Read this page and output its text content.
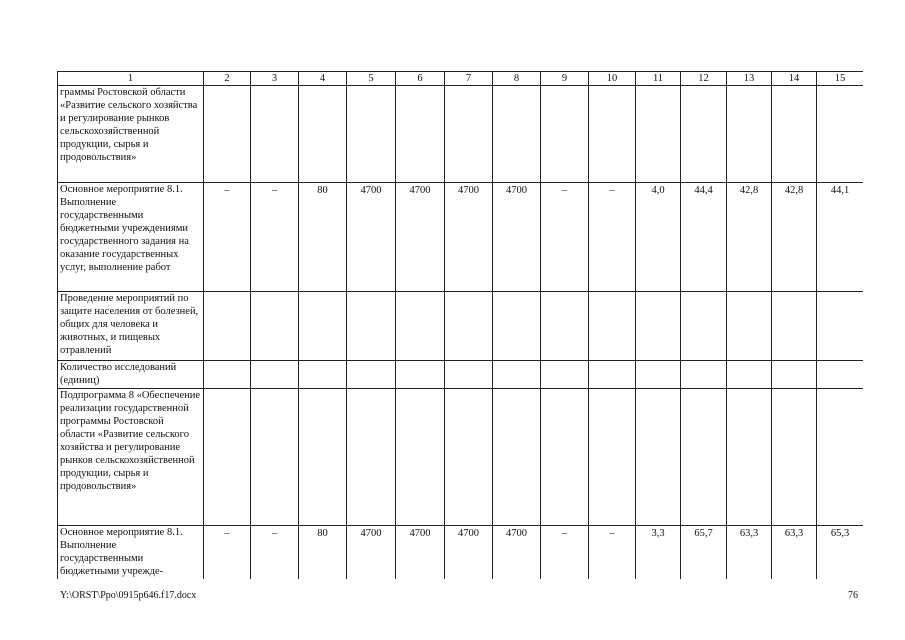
1	2	3	4	5	6	7	8	9	10	11	12	13	14	15
граммы Ростовской области «Развитие сельского хозяйства и регулирование рынков сельскохозяйственной продукции, сырья и продовольствия»														
Основное мероприятие 8.1. Выполнение государственными бюджетными учреждениями государственного задания на оказание государственных услуг, выполнение работ	–	–	80	4700	4700	4700	4700	–	–	4,0	44,4	42,8	42,8	44,1
Проведение мероприятий по защите населения от болезней, общих для человека и животных, и пищевых отравлений														
Количество исследований (единиц)														
Подпрограмма 8 «Обеспечение реализации государственной программы Ростовской области «Развитие сельского хозяйства и регулирование рынков сельскохозяйственной продукции, сырья и продовольствия»														
Основное мероприятие 8.1. Выполнение государственными бюджетными учрежде-	–	–	80	4700	4700	4700	4700	–	–	3,3	65,7	63,3	63,3	65,3
Y:\ORST\Ppo\0915p646.f17.docx	76
